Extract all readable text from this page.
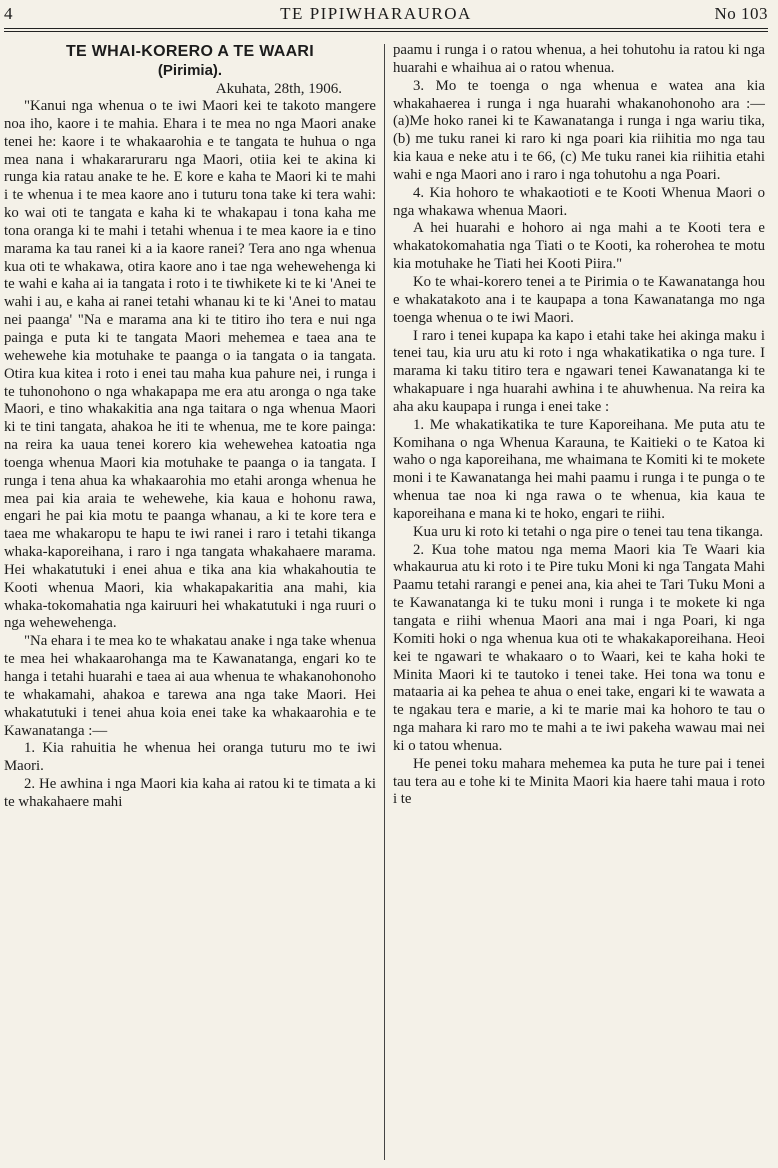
4	TE PIPIWHARAUROA	No 103
TE WHAI-KORERO A TE WAARI
(Pirimia).
Akuhata, 28th, 1906.

"Kanui nga whenua o te iwi Maori kei te takoto mangere noa iho, kaore i te mahia. Ehara i te mea no nga Maori anake tenei he: kaore i te whakaarohia e te tangata te huhua o nga mea nana i whakararuraru nga Maori, otiia kei te akina ki runga kia ratau anake te he. E kore e kaha te Maori ki te mahi i te whenua i te mea kaore ano i tuturu tona take ki tera wahi: ko wai oti te tangata e kaha ki te whakapau i tona kaha me tona oranga ki te mahi i tetahi whenua i te mea kaore ia e tino marama ka tau ranei ki a ia kaore ranei? Tera ano nga whenua kua oti te whakawa, otira kaore ano i tae nga wehewehenga ki te wahi e kaha ai ia tangata i roto i te tiwhikete ki te ki 'Anei te wahi i au, e kaha ai ranei tetahi whanau ki te ki 'Anei to matau nei paanga' "Na e marama ana ki te titiro iho tera e nui nga painga e puta ki te tangata Maori mehemea e taea ana te wehewehe kia motuhake te paanga o ia tangata o ia tangata. Otira kua kitea i roto i enei tau maha kua pahure nei, i runga i te tuhonohono o nga whakapapa me era atu aronga o nga take Maori, e tino whakakitia ana nga taitara o nga whenua Maori ki te tini tangata, ahakoa he iti te whenua, me te kore painga: na reira ka uaua tenei korero kia wehewehea katoatia nga toenga whenua Maori kia motuhake te paanga o ia tangata. I runga i tena ahua ka whakaarohia mo etahi aronga whenua he mea pai kia araia te wehewehe, kia kaua e hohonu rawa, engari he pai kia motu te paanga whanau, a ki te kore tera e taea me whakaropu te hapu te iwi ranei i raro i tetahi tikanga whaka-kaporeihana, i raro i nga tangata whakahaere marama. Hei whakatutuki i enei ahua e tika ana kia whakahoutia te Kooti whenua Maori, kia whakapakaritia ana mahi, kia whaka-tokomahatia nga kairuuri hei whakatutuki i nga ruuri o nga wehewehenga.

"Na ehara i te mea ko te whakatau anake i nga take whenua te mea hei whakaarohanga ma te Kawanatanga, engari ko te hanga i tetahi huarahi e taea ai aua whenua te whakanohonoho te whakamahi, ahakoa e tarewa ana nga take Maori. Hei whakatutuki i tenei ahua koia enei take ka whakaarohia e te Kawanatanga :—

1. Kia rahuitia he whenua hei oranga tuturu mo te iwi Maori.

2. He awhina i nga Maori kia kaha ai ratou ki te timata a ki te whakahaere mahi

paamu i runga i o ratou whenua, a hei tohutohu ia ratou ki nga huarahi e whaihua ai o ratou whenua.

3. Mo te toenga o nga whenua e watea ana kia whakahaerea i runga i nga huarahi whakanohonoho ara :—(a)Me hoko ranei ki te Kawanatanga i runga i nga wariu tika, (b) me tuku ranei ki raro ki nga poari kia riihitia mo nga tau kia kaua e neke atu i te 66, (c) Me tuku ranei kia riihitia etahi wahi e nga Maori ano i raro i nga tohutohu a nga Poari.

4. Kia hohoro te whakaotioti e te Kooti Whenua Maori o nga whakawa whenua Maori.

A hei huarahi e hohoro ai nga mahi a te Kooti tera e whakatokomahatia nga Tiati o te Kooti, ka roherohea te motu kia motuhake he Tiati hei Kooti Piira."

Ko te whai-korero tenei a te Pirimia o te Kawanatanga hou e whakatakoto ana i te kaupapa a tona Kawanatanga mo nga toenga whenua o te iwi Maori.

I raro i tenei kupapa ka kapo i etahi take hei akinga maku i tenei tau, kia uru atu ki roto i nga whakatikatika o nga ture. I marama ki taku titiro tera e ngawari tenei Kawanatanga ki te whakapuare i nga huarahi awhina i te ahuwhenua. Na reira ka aha aku kaupapa i runga i enei take :

1. Me whakatikatika te ture Kaporeihana. Me puta atu te Komihana o nga Whenua Karauna, te Kaitieki o te Katoa ki waho o nga kaporeihana, me whaimana te Komiti ki te mokete moni i te Kawanatanga hei mahi paamu i runga i te punga o te whenua tae noa ki nga rawa o te whenua, kia kaua te kaporeihana e mana ki te hoko, engari te riihi.

Kua uru ki roto ki tetahi o nga pire o tenei tau tena tikanga.

2. Kua tohe matou nga mema Maori kia Te Waari kia whakaurua atu ki roto i te Pire tuku Moni ki nga Tangata Mahi Paamu tetahi rarangi e penei ana, kia ahei te Tari Tuku Moni a te Kawanatanga ki te tuku moni i runga i te mokete ki nga tangata e riihi whenua Maori ana mai i nga Poari, ki nga Komiti hoki o nga whenua kua oti te whakakaporeihana. Heoi kei te ngawari te whakaaro o to Waari, kei te kaha hoki te Minita Maori ki te tautoko i tenei take. Hei tona wa tonu e mataaria ai ka pehea te ahua o enei take, engari ki te wawata a te ngakau tera e marie, a ki te marie mai ka hohoro te tau o nga mahara ki raro mo te mahi a te iwi pakeha wawau mai nei ki o tatou whenua.

He penei toku mahara mehemea ka puta he ture pai i tenei tau tera au e tohe ki te Minita Maori kia haere tahi maua i roto i te
